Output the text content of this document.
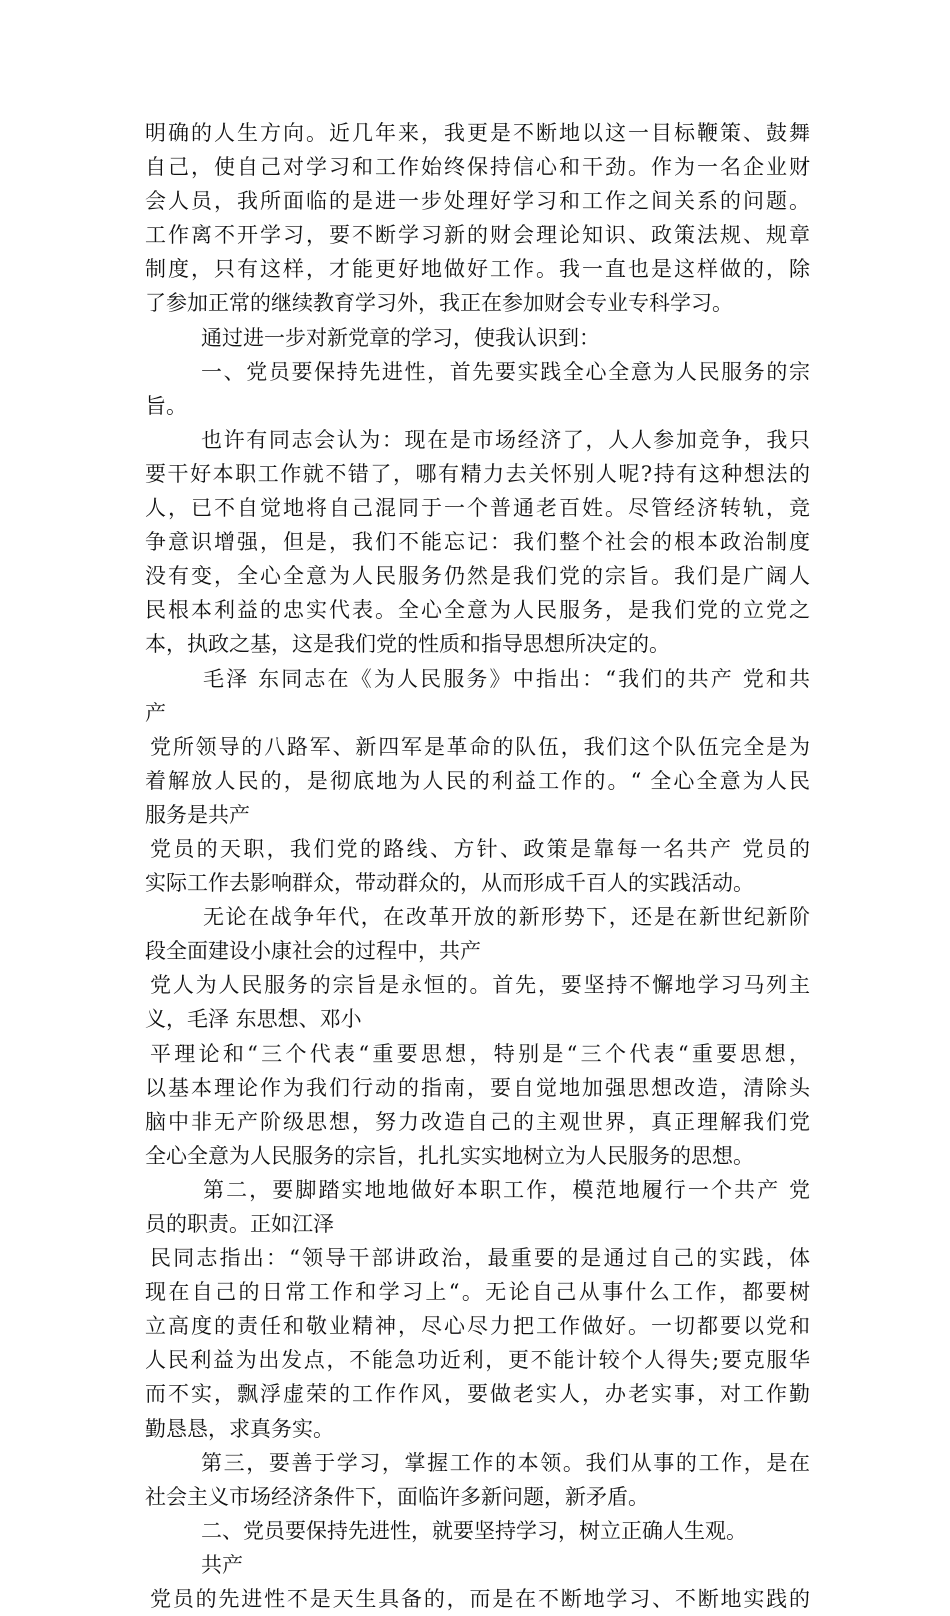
明确的人生方向。近几年来，我更是不断地以这一目标鞭策、鼓舞
自己，使自己对学习和工作始终保持信心和干劲。作为一名企业财
会人员，我所面临的是进一步处理好学习和工作之间关系的问题。
工作离不开学习，要不断学习新的财会理论知识、政策法规、规章
制度，只有这样，才能更好地做好工作。我一直也是这样做的，除
了参加正常的继续教育学习外，我正在参加财会专业专科学习。
通过进一步对新党章的学习，使我认识到：
一、党员要保持先进性，首先要实践全心全意为人民服务的宗
旨。
也许有同志会认为：现在是市场经济了，人人参加竞争，我只
要干好本职工作就不错了，哪有精力去关怀别人呢?持有这种想法的
人，已不自觉地将自己混同于一个普通老百姓。尽管经济转轨，竞
争意识增强，但是，我们不能忘记：我们整个社会的根本政治制度
没有变，全心全意为人民服务仍然是我们党的宗旨。我们是广阔人
民根本利益的忠实代表。全心全意为人民服务，是我们党的立党之
本，执政之基，这是我们党的性质和指导思想所决定的。
毛泽 东同志在《为人民服务》中指出：“我们的共产 党和共
产
党所领导的八路军、新四军是革命的队伍，我们这个队伍完全是为
着解放人民的，是彻底地为人民的利益工作的。“ 全心全意为人民
服务是共产
党员的天职，我们党的路线、方针、政策是靠每一名共产 党员的
实际工作去影响群众，带动群众的，从而形成千百人的实践活动。
无论在战争年代，在改革开放的新形势下，还是在新世纪新阶
段全面建设小康社会的过程中，共产
党人为人民服务的宗旨是永恒的。首先，要坚持不懈地学习马列主
义，毛泽 东思想、邓小
平理论和“三个代表“重要思想，特别是“三个代表“重要思想，
以基本理论作为我们行动的指南，要自觉地加强思想改造，清除头
脑中非无产阶级思想，努力改造自己的主观世界，真正理解我们党
全心全意为人民服务的宗旨，扎扎实实地树立为人民服务的思想。
第二，要脚踏实地地做好本职工作，模范地履行一个共产 党
员的职责。正如江泽
民同志指出：“领导干部讲政治，最重要的是通过自己的实践，体
现在自己的日常工作和学习上“。无论自己从事什么工作，都要树
立高度的责任和敬业精神，尽心尽力把工作做好。一切都要以党和
人民利益为出发点，不能急功近利，更不能计较个人得失;要克服华
而不实，飘浮虚荣的工作作风，要做老实人，办老实事，对工作勤
勤恳恳，求真务实。
第三，要善于学习，掌握工作的本领。我们从事的工作，是在
社会主义市场经济条件下，面临许多新问题，新矛盾。
二、党员要保持先进性，就要坚持学习，树立正确人生观。
共产
党员的先进性不是天生具备的，而是在不断地学习、不断地实践的
